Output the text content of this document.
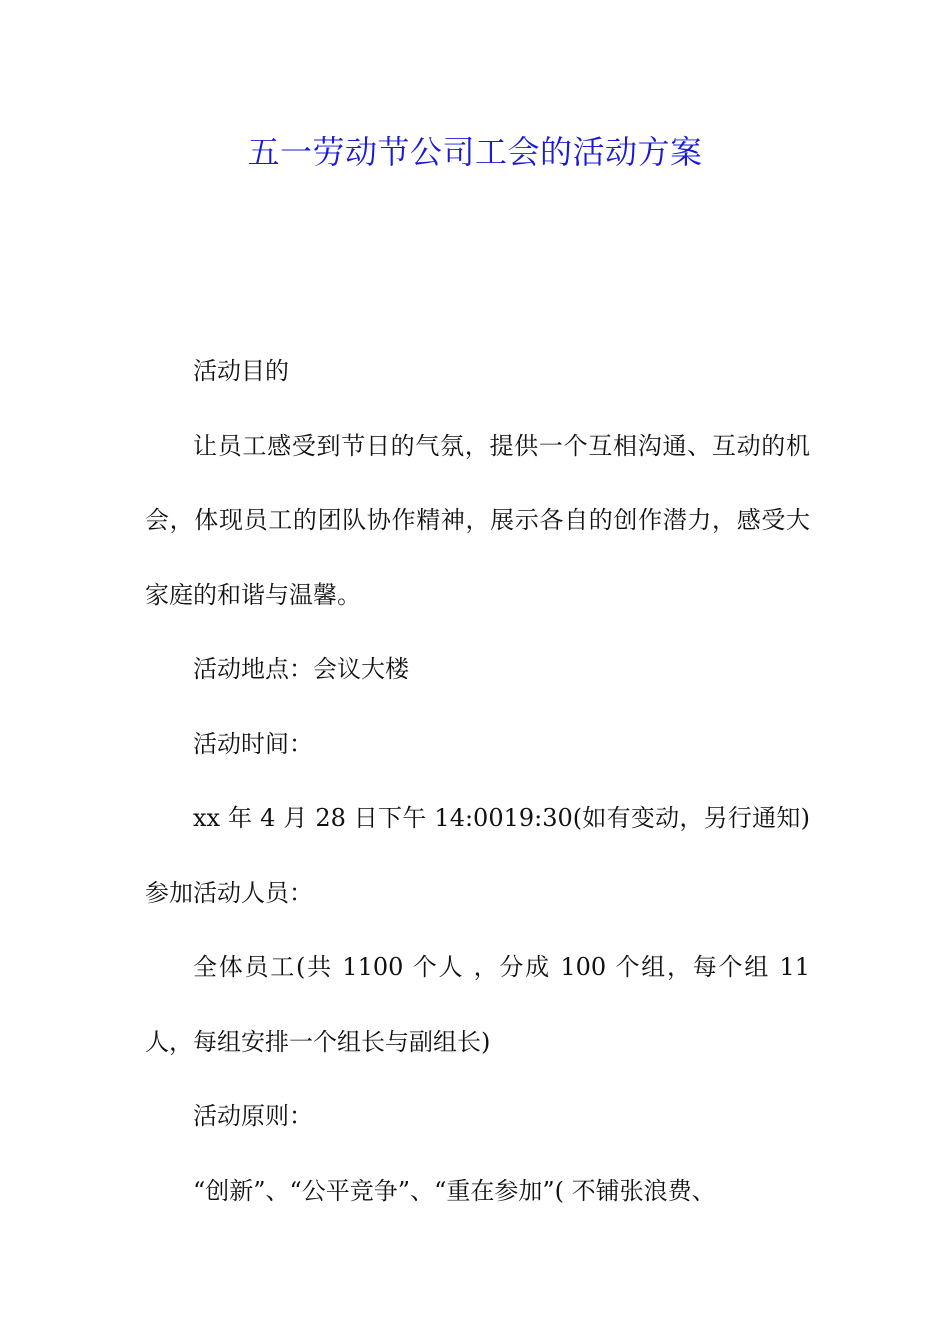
五一劳动节公司工会的活动方案

活动目的

让员工感受到节日的气氛，提供一个互相沟通、互动的机会，体现员工的团队协作精神，展示各自的创作潜力，感受大家庭的和谐与温馨。

活动地点：会议大楼

活动时间：

xx 年 4 月 28 日下午 14:0019:30(如有变动，另行通知) 参加活动人员：

全体员工(共 1100 个人 ，分成 100 个组，每个组 11 人，每组安排一个组长与副组长)

活动原则：

“创新”、“公平竞争”、“重在参加”( 不铺张浪费、
